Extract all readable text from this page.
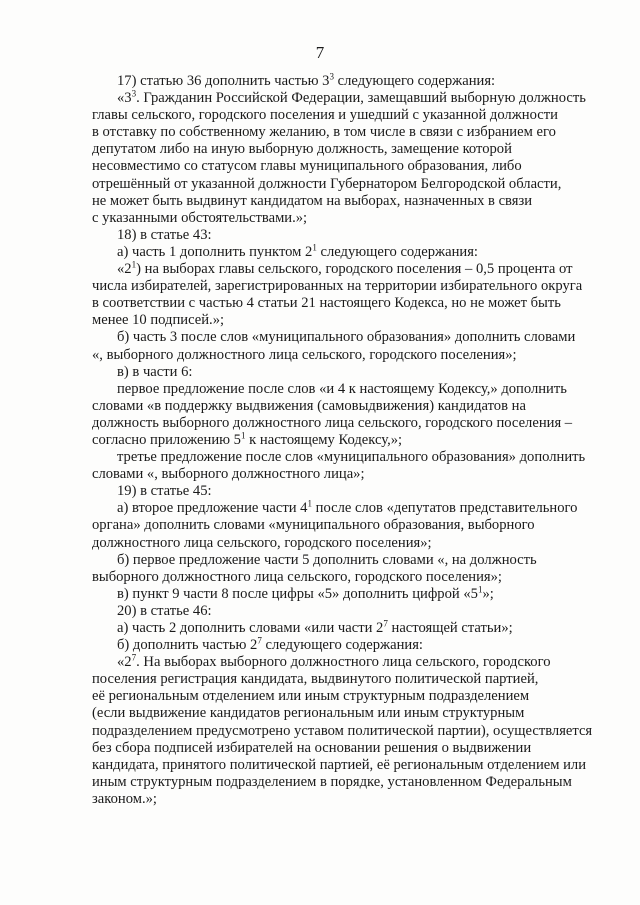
7
17) статью 36 дополнить частью $3^3$ следующего содержания:
«$3^3$. Гражданин Российской Федерации, замещавший выборную должность
главы сельского, городского поселения и ушедший с указанной должности
в отставку по собственному желанию, в том числе в связи с избранием его
депутатом либо на иную выборную должность, замещение которой
несовместимо со статусом главы муниципального образования, либо
отрешённый от указанной должности Губернатором Белгородской области,
не может быть выдвинут кандидатом на выборах, назначенных в связи
с указанными обстоятельствами.»;
18) в статье 43:
а) часть 1 дополнить пунктом $2^1$ следующего содержания:
«$2^1$) на выборах главы сельского, городского поселения – 0,5 процента от
числа избирателей, зарегистрированных на территории избирательного округа
в соответствии с частью 4 статьи 21 настоящего Кодекса, но не может быть
менее 10 подписей.»;
б) часть 3 после слов «муниципального образования» дополнить словами
«, выборного должностного лица сельского, городского поселения»;
в) в части 6:
первое предложение после слов «и 4 к настоящему Кодексу,» дополнить
словами «в поддержку выдвижения (самовыдвижения) кандидатов на
должность выборного должностного лица сельского, городского поселения –
согласно приложению $5^1$ к настоящему Кодексу,»;
третье предложение после слов «муниципального образования» дополнить
словами «, выборного должностного лица»;
19) в статье 45:
а) второе предложение части $4^1$ после слов «депутатов представительного
органа» дополнить словами «муниципального образования, выборного
должностного лица сельского, городского поселения»;
б) первое предложение части 5 дополнить словами «, на должность
выборного должностного лица сельского, городского поселения»;
в) пункт 9 части 8 после цифры «5» дополнить цифрой «$5^1$»;
20) в статье 46:
а) часть 2 дополнить словами «или части $2^7$ настоящей статьи»;
б) дополнить частью $2^7$ следующего содержания:
«$2^7$. На выборах выборного должностного лица сельского, городского
поселения регистрация кандидата, выдвинутого политической партией,
её региональным отделением или иным структурным подразделением
(если выдвижение кандидатов региональным или иным структурным
подразделением предусмотрено уставом политической партии), осуществляется
без сбора подписей избирателей на основании решения о выдвижении
кандидата, принятого политической партией, её региональным отделением или
иным структурным подразделением в порядке, установленном Федеральным
законом.»;
